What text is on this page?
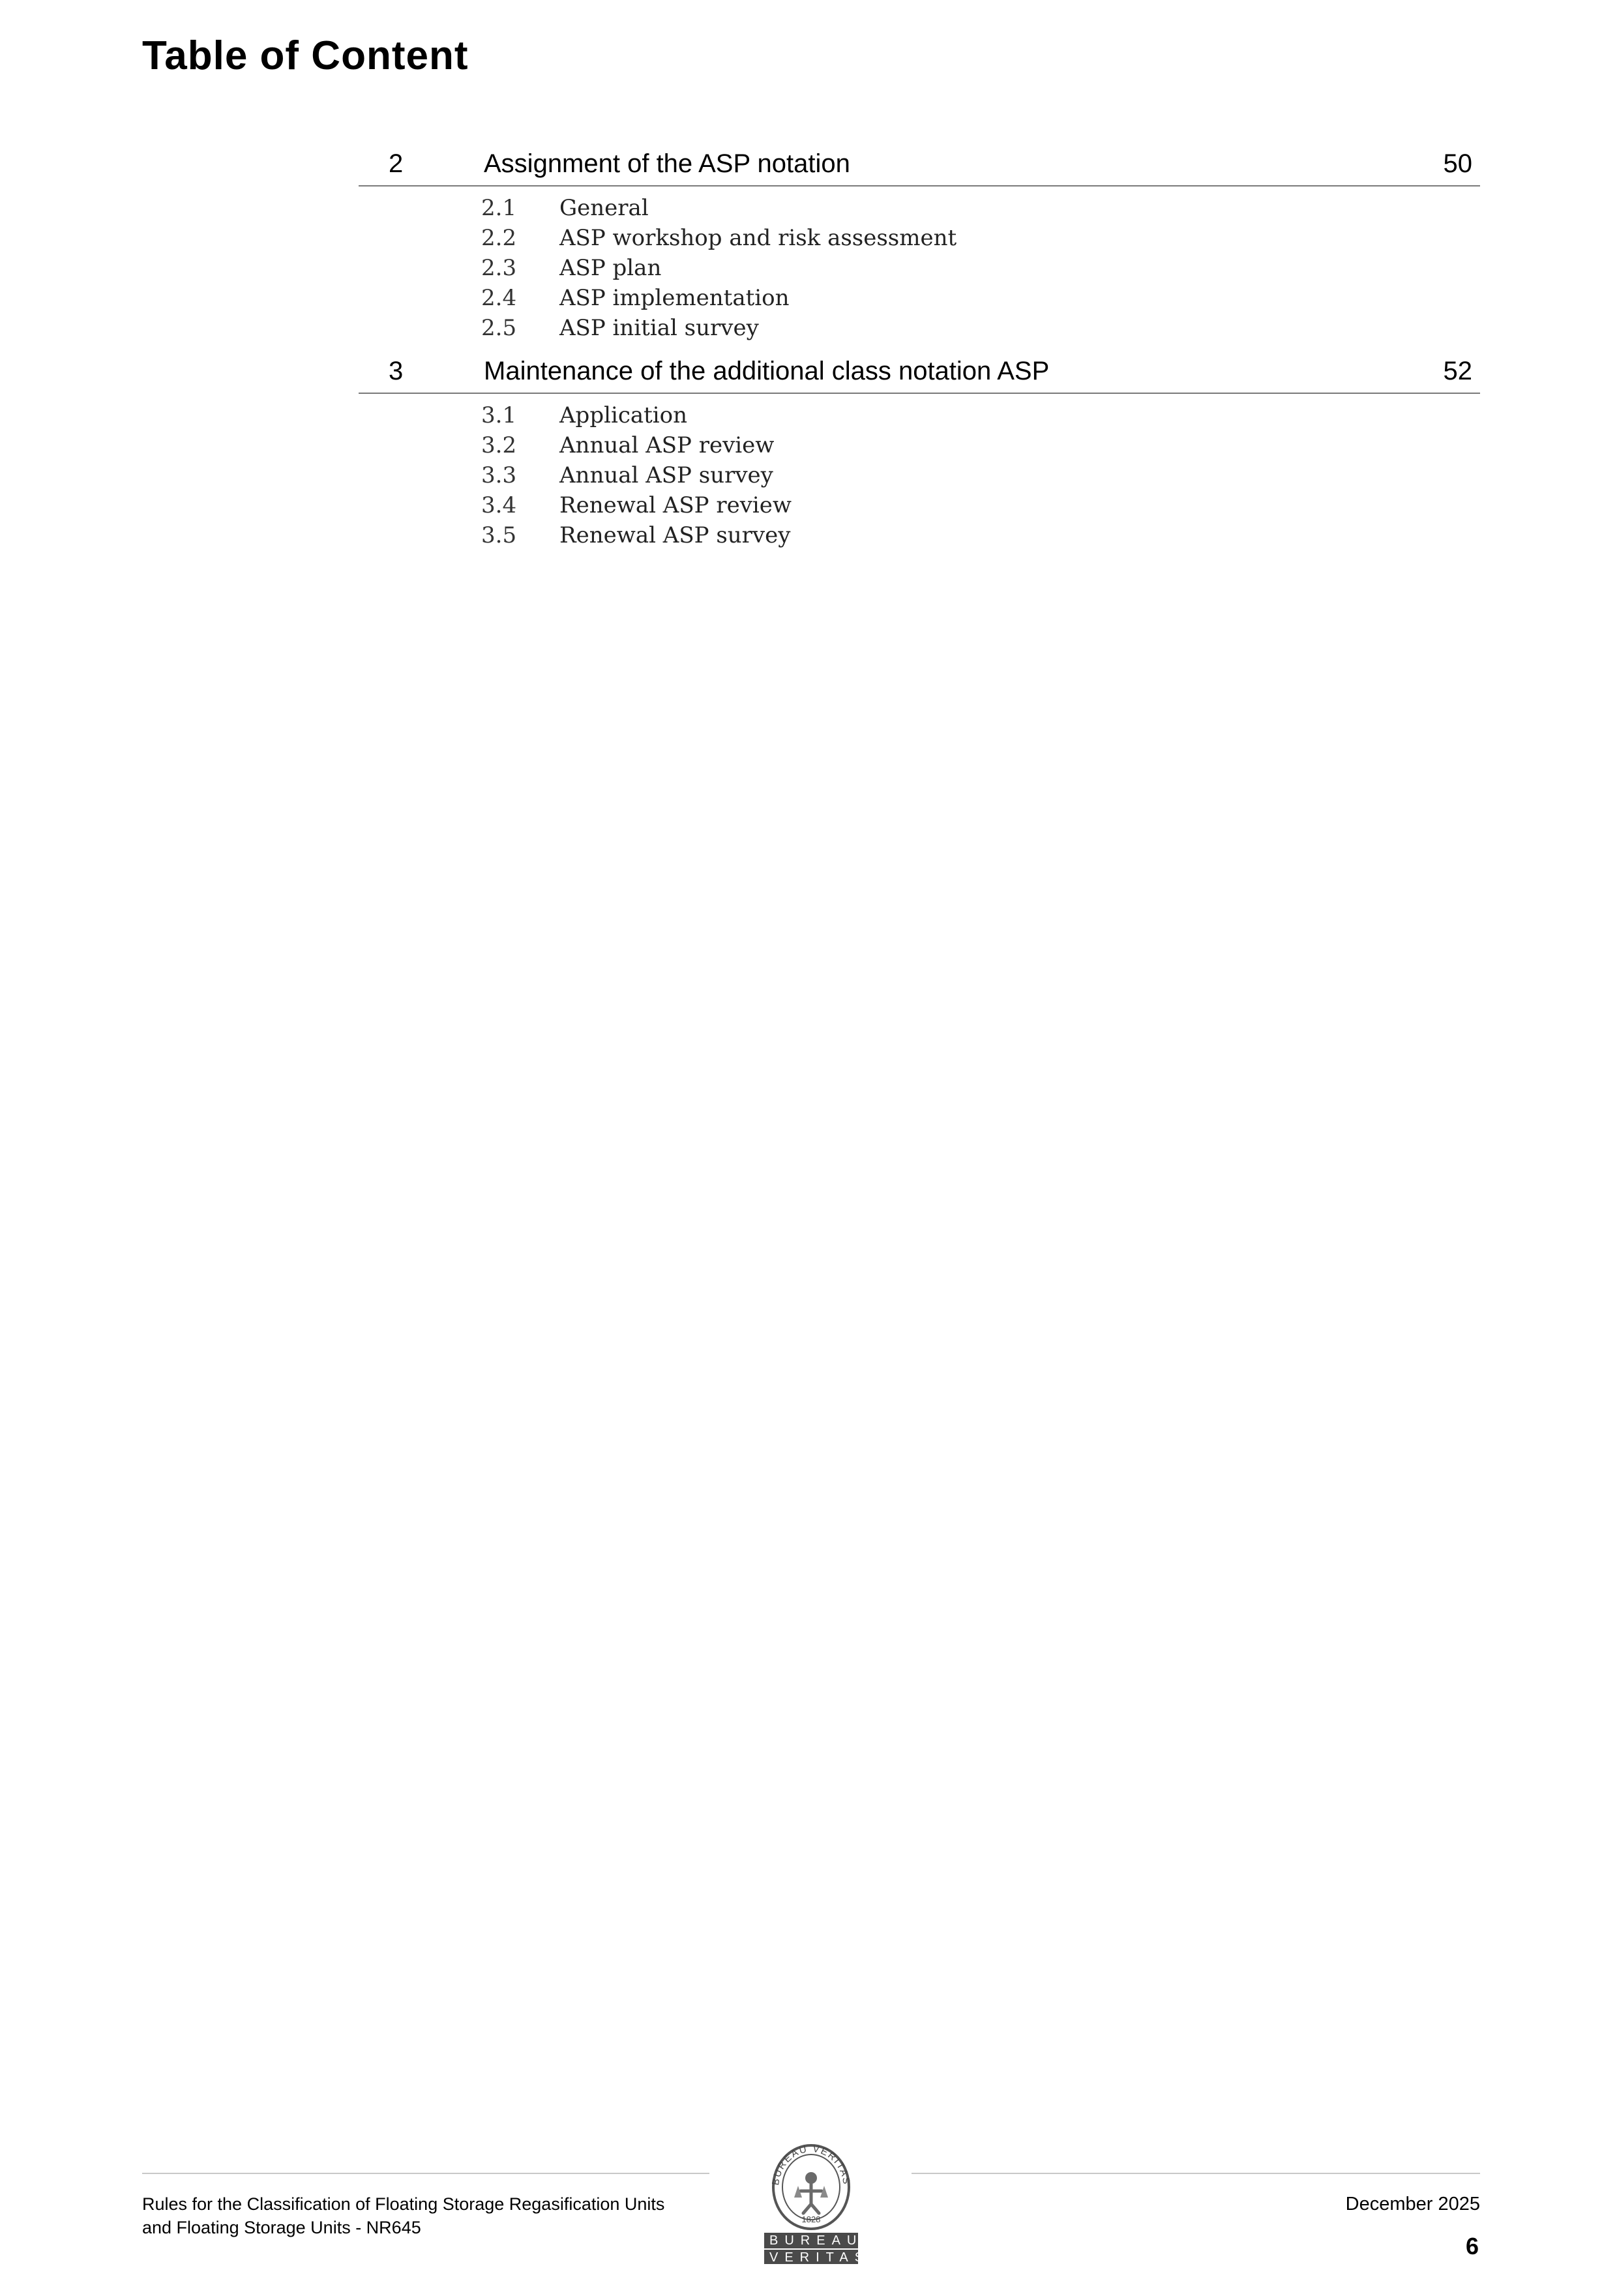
Table of Content
2	Assignment of the ASP notation	50
2.1 General
2.2 ASP workshop and risk assessment
2.3 ASP plan
2.4 ASP implementation
2.5 ASP initial survey
3	Maintenance of the additional class notation ASP	52
3.1 Application
3.2 Annual ASP review
3.3 Annual ASP survey
3.4 Renewal ASP review
3.5 Renewal ASP survey
Rules for the Classification of Floating Storage Regasification Units
and Floating Storage Units - NR645
BUREAU VERITAS
1828
BUREAU
VERITAS
December 2025
6
